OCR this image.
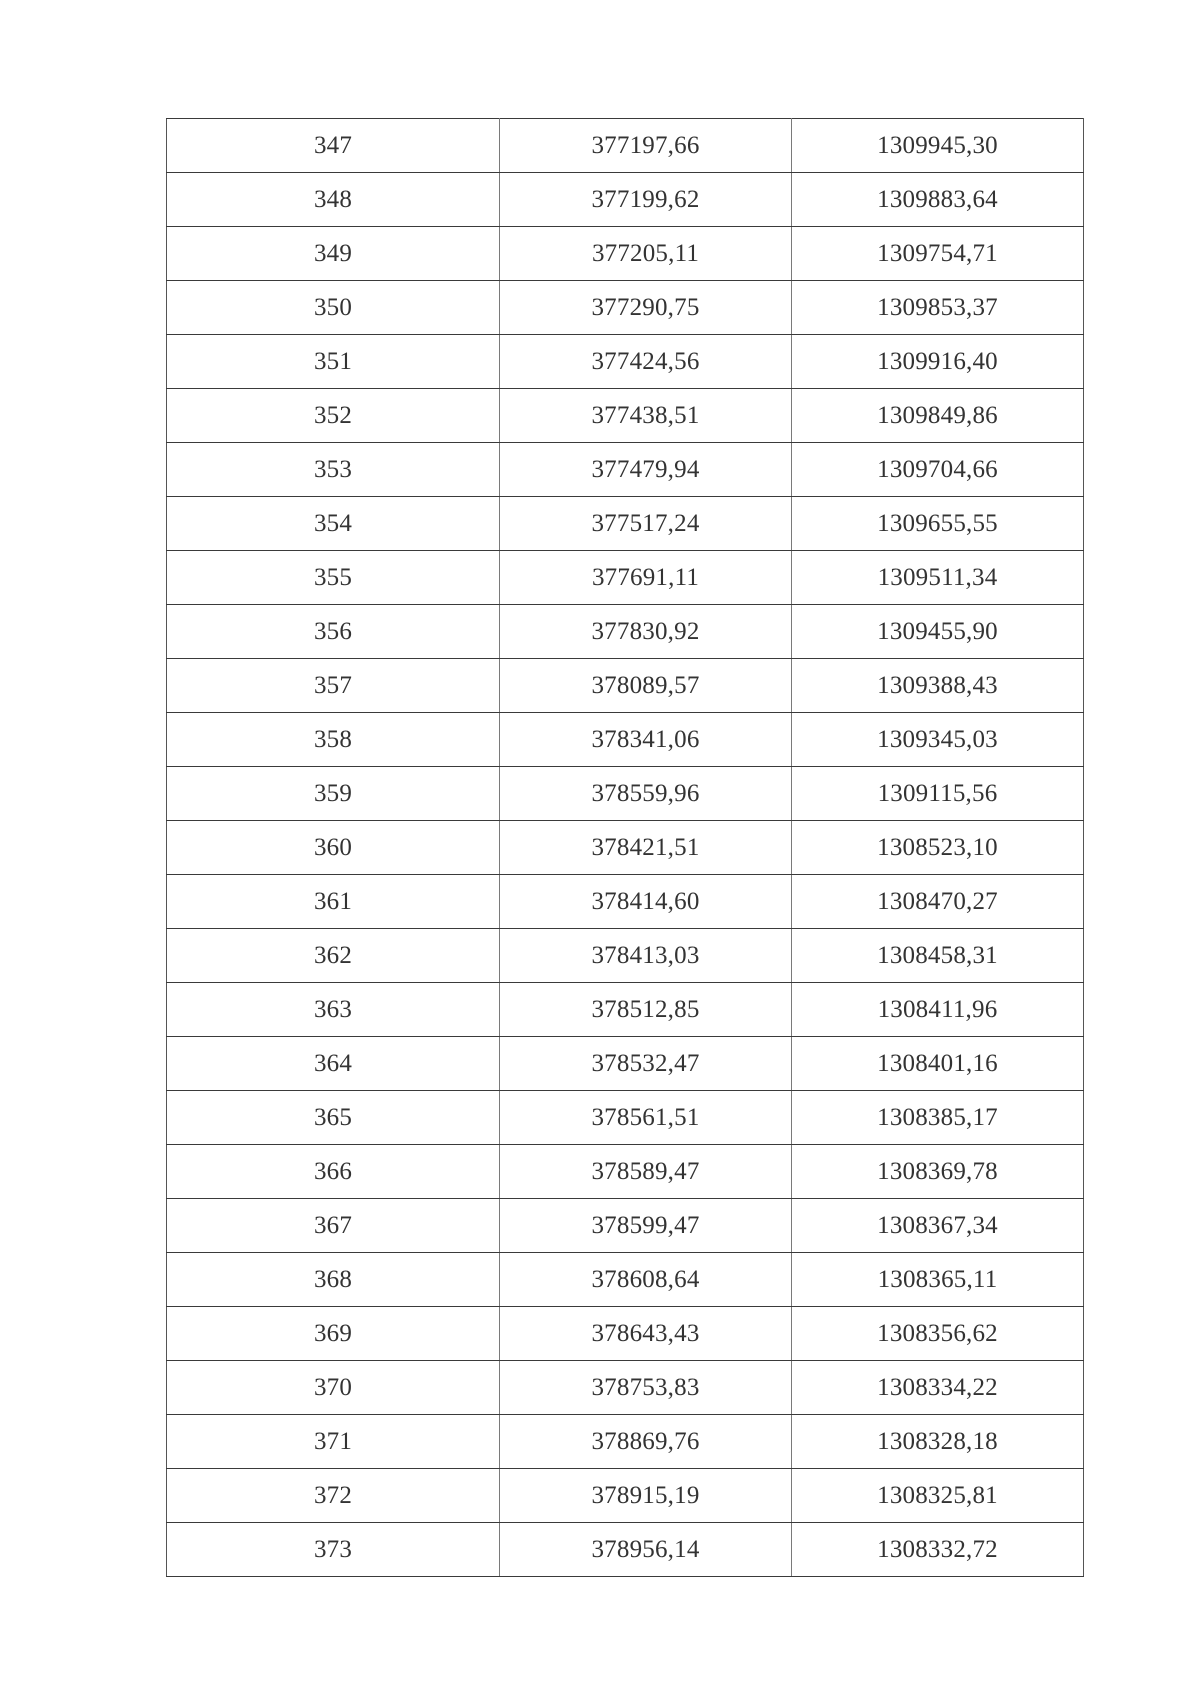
347	377197,66	1309945,30
348	377199,62	1309883,64
349	377205,11	1309754,71
350	377290,75	1309853,37
351	377424,56	1309916,40
352	377438,51	1309849,86
353	377479,94	1309704,66
354	377517,24	1309655,55
355	377691,11	1309511,34
356	377830,92	1309455,90
357	378089,57	1309388,43
358	378341,06	1309345,03
359	378559,96	1309115,56
360	378421,51	1308523,10
361	378414,60	1308470,27
362	378413,03	1308458,31
363	378512,85	1308411,96
364	378532,47	1308401,16
365	378561,51	1308385,17
366	378589,47	1308369,78
367	378599,47	1308367,34
368	378608,64	1308365,11
369	378643,43	1308356,62
370	378753,83	1308334,22
371	378869,76	1308328,18
372	378915,19	1308325,81
373	378956,14	1308332,72
